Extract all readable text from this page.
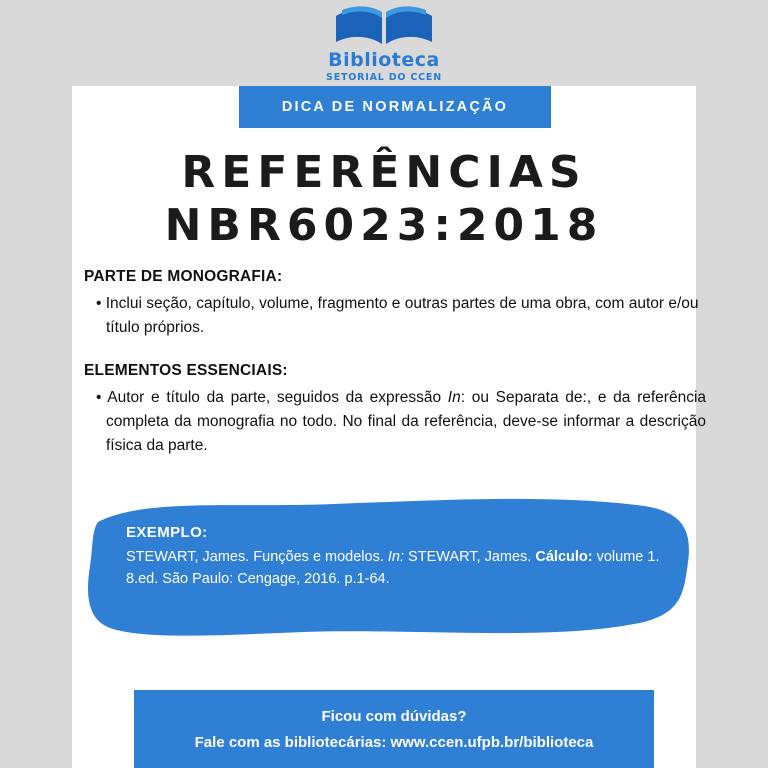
Biblioteca
SETORIAL DO CCEN
DICA DE NORMALIZAÇÃO
REFERÊNCIAS
NBR6023:2018

PARTE DE MONOGRAFIA:

• Inclui seção, capítulo, volume, fragmento e outras partes de uma obra, com autor e/ou título próprios.

ELEMENTOS ESSENCIAIS:

• Autor e título da parte, seguidos da expressão In: ou Separata de:, e da referência completa da monografia no todo. No final da referência, deve-se informar a descrição física da parte.

EXEMPLO:
STEWART, James. Funções e modelos. In: STEWART, James. Cálculo: volume 1. 8.ed. São Paulo: Cengage, 2016. p.1-64.
Ficou com dúvidas?
Fale com as bibliotecárias: www.ccen.ufpb.br/biblioteca
